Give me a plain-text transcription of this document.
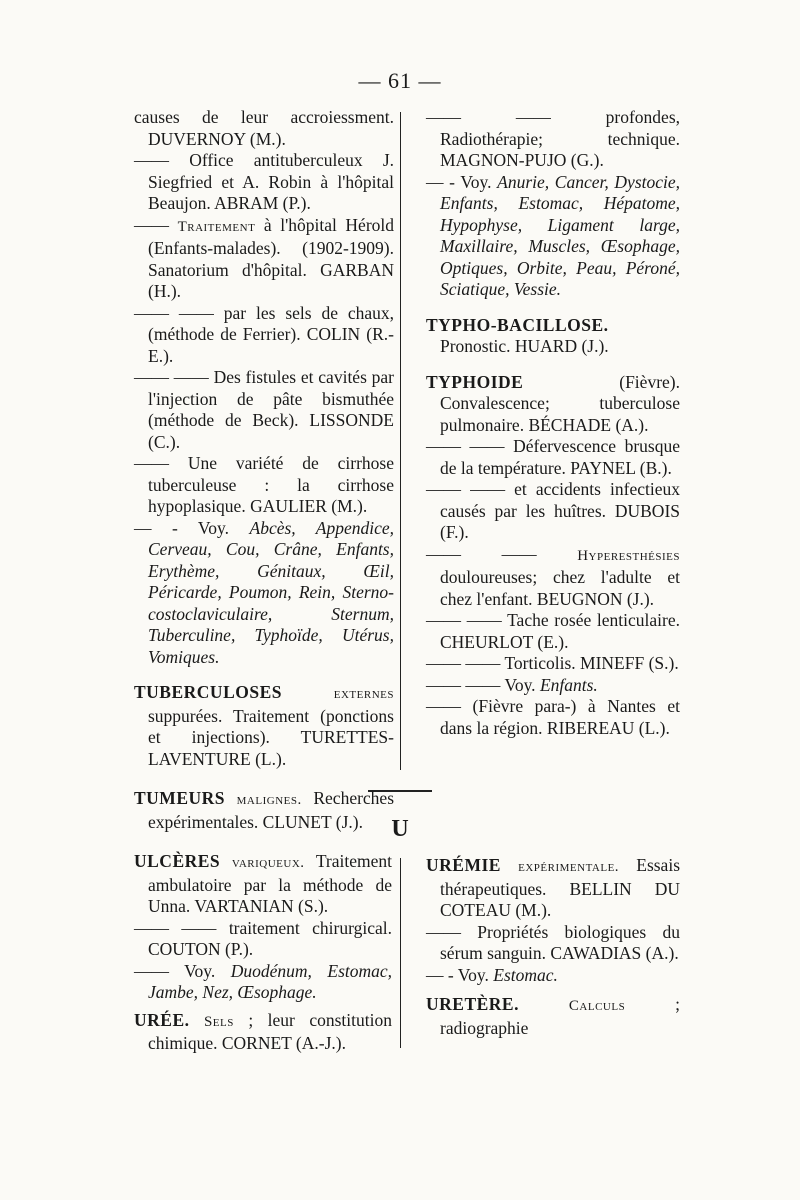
— 61 —
U

causes de leur accroiessment. DUVERNOY (M.).

—— Office antituberculeux J. Siegfried et A. Robin à l'hôpital Beaujon. ABRAM (P.).

—— Traitement à l'hôpital Hérold (Enfants-malades). (1902-1909). Sanatorium d'hôpital. GARBAN (H.).

—— —— par les sels de chaux, (méthode de Ferrier). COLIN (R.-E.).

—— —— Des fistules et cavités par l'injection de pâte bismuthée (méthode de Beck). LISSONDE (C.).

—— Une variété de cirrhose tuberculeuse : la cirrhose hypoplasique. GAULIER (M.).

— - Voy. Abcès, Appendice, Cerveau, Cou, Crâne, Enfants, Erythème, Génitaux, Œil, Péricarde, Poumon, Rein, Sterno-costoclaviculaire, Sternum, Tuberculine, Typhoïde, Utérus, Vomiques.

TUBERCULOSES	externes suppurées. Traitement (ponctions et injections). TURETTES-LAVENTURE (L.).

TUMEURS malignes. Recherches expérimentales. CLUNET (J.).

—— ——	profondes, Radiothérapie; technique. MAGNON-PUJO (G.).

— - Voy. Anurie, Cancer, Dystocie, Enfants, Estomac, Hépatome, Hypophyse, Ligament large, Maxillaire, Muscles, Œsophage, Optiques, Orbite, Peau, Péroné, Sciatique, Vessie.

TYPHO-BACILLOSE. Pronostic. HUARD (J.).

TYPHOIDE	(Fièvre). Convalescence; tuberculose pulmonaire. BÉCHADE (A.).

—— —— Défervescence brusque de la température. PAYNEL (B.).

—— —— et accidents infectieux causés par les huîtres. DUBOIS (F.).

—— ——	Hyperesthésies douloureuses; chez l'adulte et chez l'enfant. BEUGNON (J.).

—— —— Tache rosée lenticulaire. CHEURLOT (E.).

—— —— Torticolis. MINEFF (S.).

—— —— Voy. Enfants.

—— (Fièvre para-) à Nantes et dans la région. RIBEREAU (L.).

ULCÈRES variqueux. Traitement ambulatoire par la méthode de Unna. VARTANIAN (S.).

—— —— traitement chirurgical. COUTON (P.).

—— Voy. Duodénum, Estomac, Jambe, Nez, Œsophage.

URÉE. Sels ; leur constitution chimique. CORNET (A.-J.).

URÉMIE expérimentale. Essais thérapeutiques. BELLIN DU COTEAU (M.).

—— Propriétés biologiques du sérum sanguin. CAWADIAS (A.).

— - Voy. Estomac.

URETÈRE.	Calculs	; radiographie
